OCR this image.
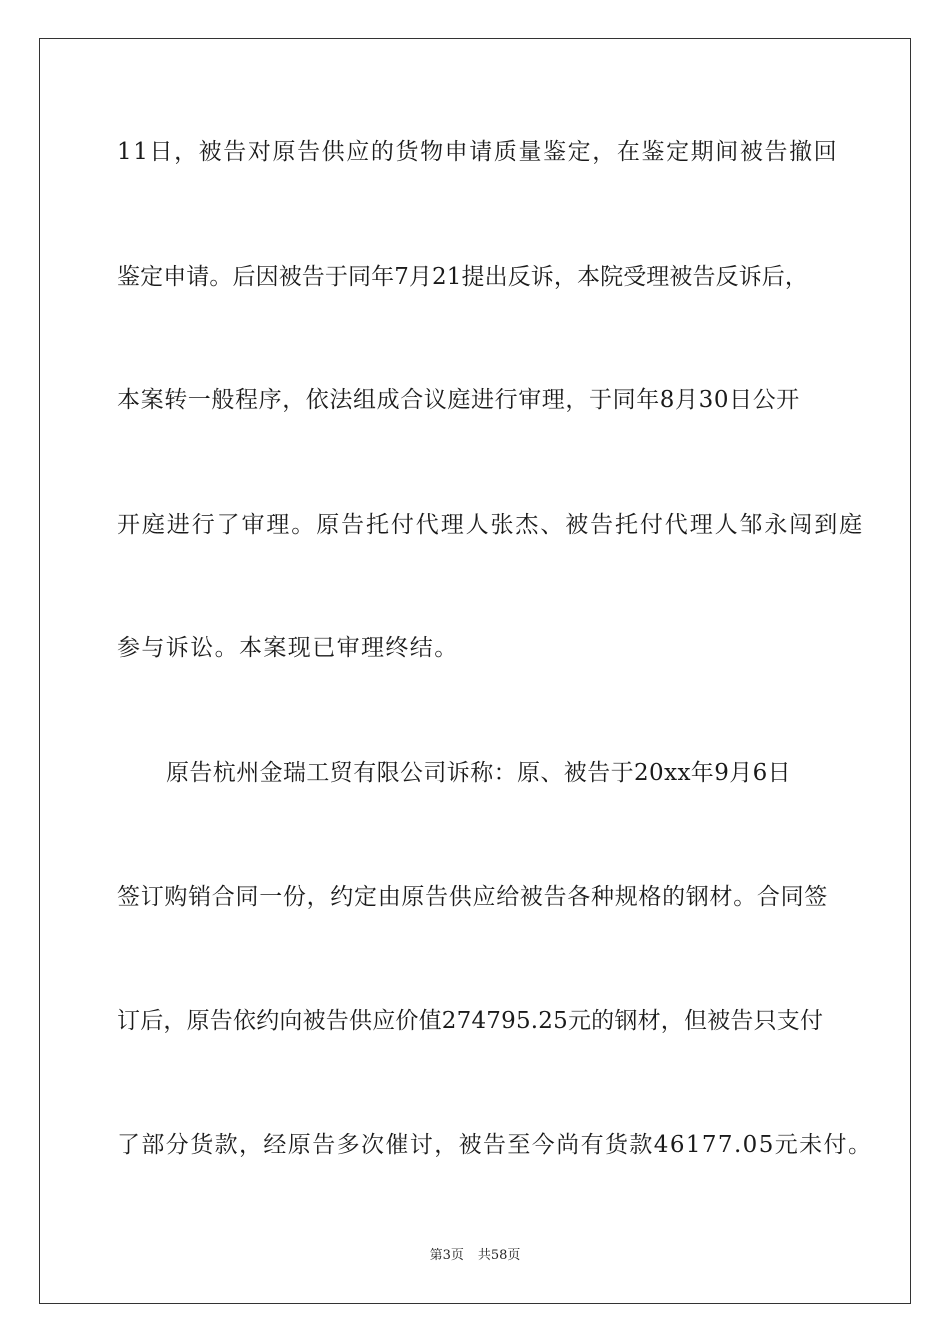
11日，被告对原告供应的货物申请质量鉴定，在鉴定期间被告撤回
鉴定申请。后因被告于同年7月21提出反诉，本院受理被告反诉后，
本案转一般程序，依法组成合议庭进行审理，于同年8月30日公开
开庭进行了审理。原告托付代理人张杰、被告托付代理人邹永闯到庭
参与诉讼。本案现已审理终结。
原告杭州金瑞工贸有限公司诉称：原、被告于20xx年9月6日
签订购销合同一份，约定由原告供应给被告各种规格的钢材。合同签
订后，原告依约向被告供应价值274795.25元的钢材，但被告只支付
了部分货款，经原告多次催讨，被告至今尚有货款46177.05元未付。
第3页 共58页
